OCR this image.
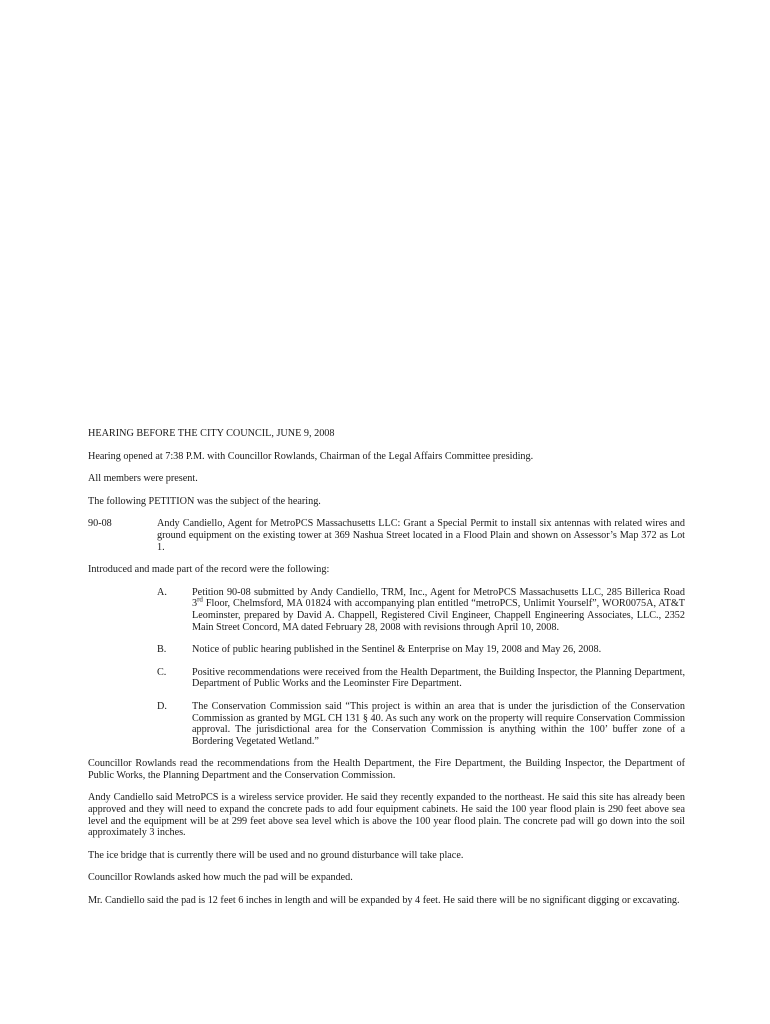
HEARING BEFORE THE CITY COUNCIL, JUNE 9, 2008

Hearing opened at 7:38 P.M. with Councillor Rowlands, Chairman of the Legal Affairs Committee presiding.

All members were present.

The following PETITION was the subject of the hearing.

90-08	Andy Candiello, Agent for MetroPCS Massachusetts LLC: Grant a Special Permit to install six antennas with related wires and ground equipment on the existing tower at 369 Nashua Street located in a Flood Plain and shown on Assessor’s Map 372 as Lot 1.

Introduced and made part of the record were the following:

A.	Petition 90-08 submitted by Andy Candiello, TRM, Inc., Agent for MetroPCS Massachusetts LLC, 285 Billerica Road 3rd Floor, Chelmsford, MA 01824 with accompanying plan entitled “metroPCS, Unlimit Yourself”, WOR0075A, AT&T Leominster, prepared by David A. Chappell, Registered Civil Engineer, Chappell Engineering Associates, LLC., 2352 Main Street Concord, MA dated February 28, 2008 with revisions through April 10, 2008.
B.	Notice of public hearing published in the Sentinel & Enterprise on May 19, 2008 and May 26, 2008.
C.	Positive recommendations were received from the Health Department, the Building Inspector, the Planning Department, Department of Public Works and the Leominster Fire Department.
D.	The Conservation Commission said “This project is within an area that is under the jurisdiction of the Conservation Commission as granted by MGL CH 131 § 40. As such any work on the property will require Conservation Commission approval. The jurisdictional area for the Conservation Commission is anything within the 100’ buffer zone of a Bordering Vegetated Wetland.”

Councillor Rowlands read the recommendations from the Health Department, the Fire Department, the Building Inspector, the Department of Public Works, the Planning Department and the Conservation Commission.

Andy Candiello said MetroPCS is a wireless service provider. He said they recently expanded to the northeast. He said this site has already been approved and they will need to expand the concrete pads to add four equipment cabinets. He said the 100 year flood plain is 290 feet above sea level and the equipment will be at 299 feet above sea level which is above the 100 year flood plain. The concrete pad will go down into the soil approximately 3 inches.

The ice bridge that is currently there will be used and no ground disturbance will take place.

Councillor Rowlands asked how much the pad will be expanded.

Mr. Candiello said the pad is 12 feet 6 inches in length and will be expanded by 4 feet. He said there will be no significant digging or excavating.
